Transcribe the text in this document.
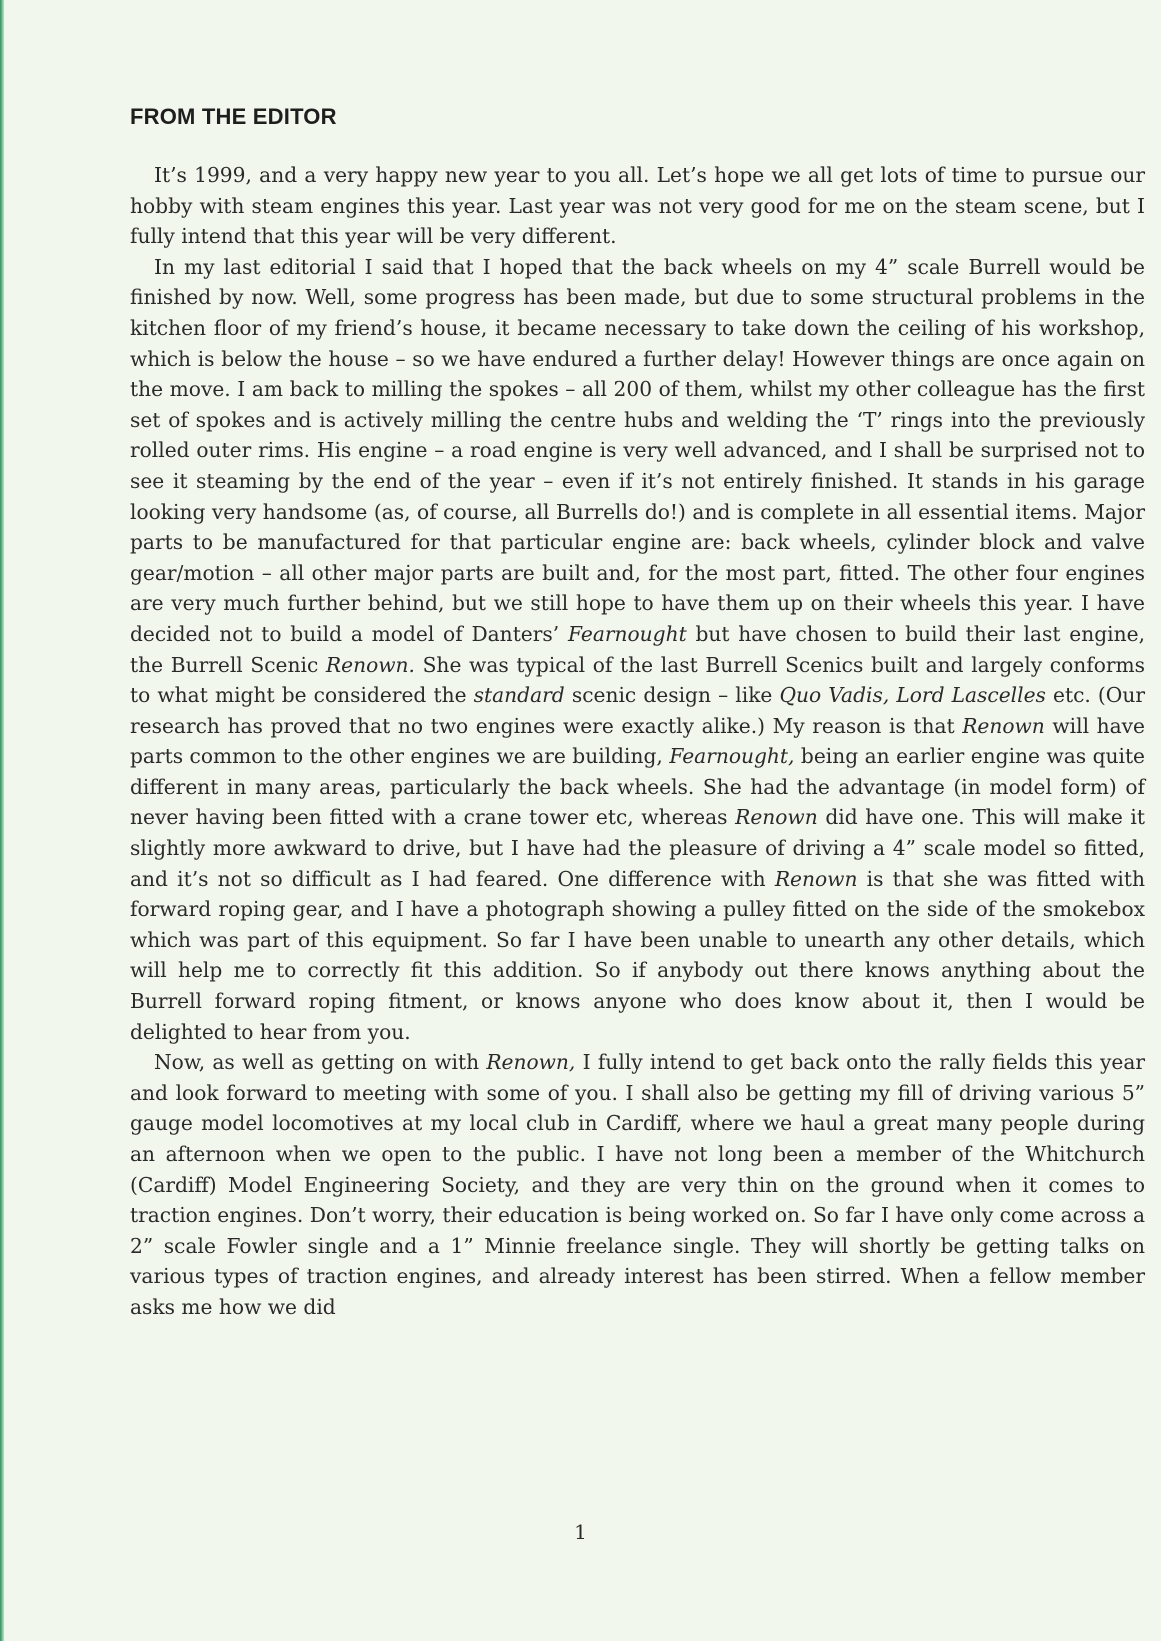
FROM THE EDITOR

It’s 1999, and a very happy new year to you all. Let’s hope we all get lots of time to pursue our hobby with steam engines this year. Last year was not very good for me on the steam scene, but I fully intend that this year will be very different.

In my last editorial I said that I hoped that the back wheels on my 4” scale Burrell would be finished by now. Well, some progress has been made, but due to some structural problems in the kitchen floor of my friend’s house, it became necessary to take down the ceiling of his workshop, which is below the house – so we have endured a further delay! However things are once again on the move. I am back to milling the spokes – all 200 of them, whilst my other colleague has the first set of spokes and is actively milling the centre hubs and welding the ‘T’ rings into the previously rolled outer rims. His engine – a road engine is very well advanced, and I shall be surprised not to see it steaming by the end of the year – even if it’s not entirely finished. It stands in his garage looking very handsome (as, of course, all Burrells do!) and is complete in all essential items. Major parts to be manufactured for that particular engine are: back wheels, cylinder block and valve gear/motion – all other major parts are built and, for the most part, fitted. The other four engines are very much further behind, but we still hope to have them up on their wheels this year. I have decided not to build a model of Danters’ Fearnought but have chosen to build their last engine, the Burrell Scenic Renown. She was typical of the last Burrell Scenics built and largely conforms to what might be considered the standard scenic design – like Quo Vadis, Lord Lascelles etc. (Our research has proved that no two engines were exactly alike.) My reason is that Renown will have parts common to the other engines we are building, Fearnought, being an earlier engine was quite different in many areas, particularly the back wheels. She had the advantage (in model form) of never having been fitted with a crane tower etc, whereas Renown did have one. This will make it slightly more awkward to drive, but I have had the pleasure of driving a 4” scale model so fitted, and it’s not so difficult as I had feared. One difference with Renown is that she was fitted with forward roping gear, and I have a photograph showing a pulley fitted on the side of the smokebox which was part of this equipment. So far I have been unable to unearth any other details, which will help me to correctly fit this addition. So if anybody out there knows anything about the Burrell forward roping fitment, or knows anyone who does know about it, then I would be delighted to hear from you.

Now, as well as getting on with Renown, I fully intend to get back onto the rally fields this year and look forward to meeting with some of you. I shall also be getting my fill of driving various 5” gauge model locomotives at my local club in Cardiff, where we haul a great many people during an afternoon when we open to the public. I have not long been a member of the Whitchurch (Cardiff) Model Engineering Society, and they are very thin on the ground when it comes to traction engines. Don’t worry, their education is being worked on. So far I have only come across a 2” scale Fowler single and a 1” Minnie freelance single. They will shortly be getting talks on various types of traction engines, and already interest has been stirred. When a fellow member asks me how we did

1
